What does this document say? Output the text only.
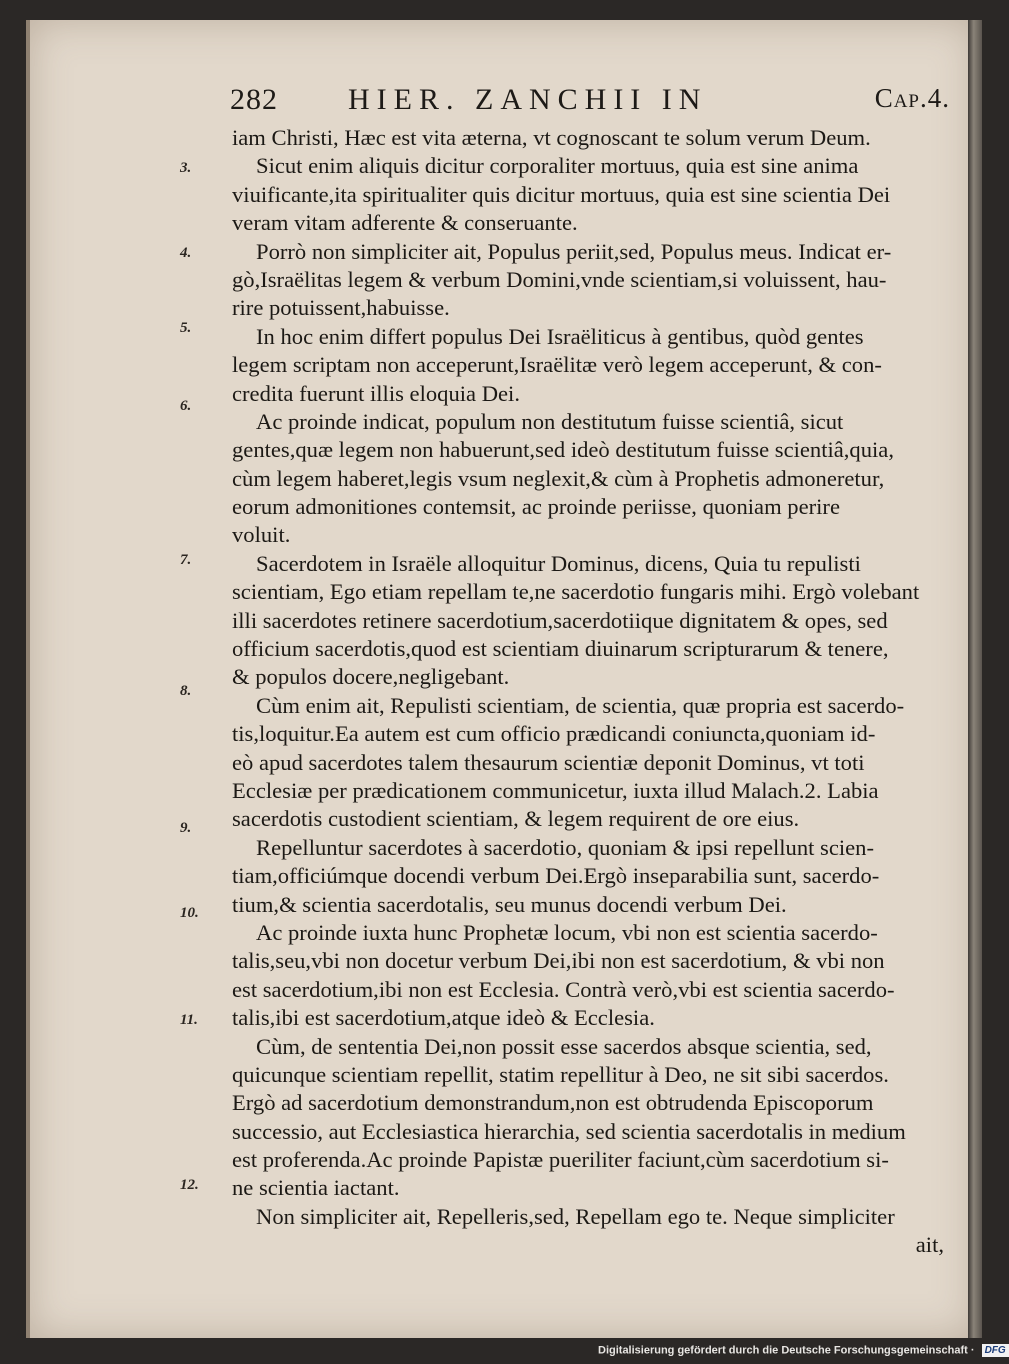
282 HIER. ZANCHII IN	Cap.4.
3.
4.
5.
6.
7.
8.
9.
10.
11.
12.
iam Christi, Hæc est vita æterna, vt cognoscant te solum verum Deum.
Sicut enim aliquis dicitur corporaliter mortuus, quia est sine anima
viuificante,ita spiritualiter quis dicitur mortuus, quia est sine scientia Dei
veram vitam adferente & conseruante.
Porrò non simpliciter ait, Populus periit,sed, Populus meus. Indicat er-
gò,Israëlitas legem & verbum Domini,vnde scientiam,si voluissent, hau-
rire potuissent,habuisse.
In hoc enim differt populus Dei Israëliticus à gentibus, quòd gentes
legem scriptam non acceperunt,Israëlitæ verò legem acceperunt, & con-
credita fuerunt illis eloquia Dei.
Ac proinde indicat, populum non destitutum fuisse scientiâ, sicut
gentes,quæ legem non habuerunt,sed ideò destitutum fuisse scientiâ,quia,
cùm legem haberet,legis vsum neglexit,& cùm à Prophetis admoneretur,
eorum admonitiones contemsit, ac proinde periisse, quoniam perire
voluit.
Sacerdotem in Israële alloquitur Dominus, dicens, Quia tu repulisti
scientiam, Ego etiam repellam te,ne sacerdotio fungaris mihi. Ergò volebant
illi sacerdotes retinere sacerdotium,sacerdotiique dignitatem & opes, sed
officium sacerdotis,quod est scientiam diuinarum scripturarum & tenere,
& populos docere,negligebant.
Cùm enim ait, Repulisti scientiam, de scientia, quæ propria est sacerdo-
tis,loquitur.Ea autem est cum officio prædicandi coniuncta,quoniam id-
eò apud sacerdotes talem thesaurum scientiæ deponit Dominus, vt toti
Ecclesiæ per prædicationem communicetur, iuxta illud Malach.2. Labia
sacerdotis custodient scientiam, & legem requirent de ore eius.
Repelluntur sacerdotes à sacerdotio, quoniam & ipsi repellunt scien-
tiam,officiúmque docendi verbum Dei.Ergò inseparabilia sunt, sacerdo-
tium,& scientia sacerdotalis, seu munus docendi verbum Dei.
Ac proinde iuxta hunc Prophetæ locum, vbi non est scientia sacerdo-
talis,seu,vbi non docetur verbum Dei,ibi non est sacerdotium, & vbi non
est sacerdotium,ibi non est Ecclesia. Contrà verò,vbi est scientia sacerdo-
talis,ibi est sacerdotium,atque ideò & Ecclesia.
Cùm, de sententia Dei,non possit esse sacerdos absque scientia, sed,
quicunque scientiam repellit, statim repellitur à Deo, ne sit sibi sacerdos.
Ergò ad sacerdotium demonstrandum,non est obtrudenda Episcoporum
successio, aut Ecclesiastica hierarchia, sed scientia sacerdotalis in medium
est proferenda.Ac proinde Papistæ pueriliter faciunt,cùm sacerdotium si-
ne scientia iactant.
Non simpliciter ait, Repelleris,sed, Repellam ego te. Neque simpliciter
ait,
Digitalisierung gefördert durch die Deutsche Forschungsgemeinschaft · DFG
